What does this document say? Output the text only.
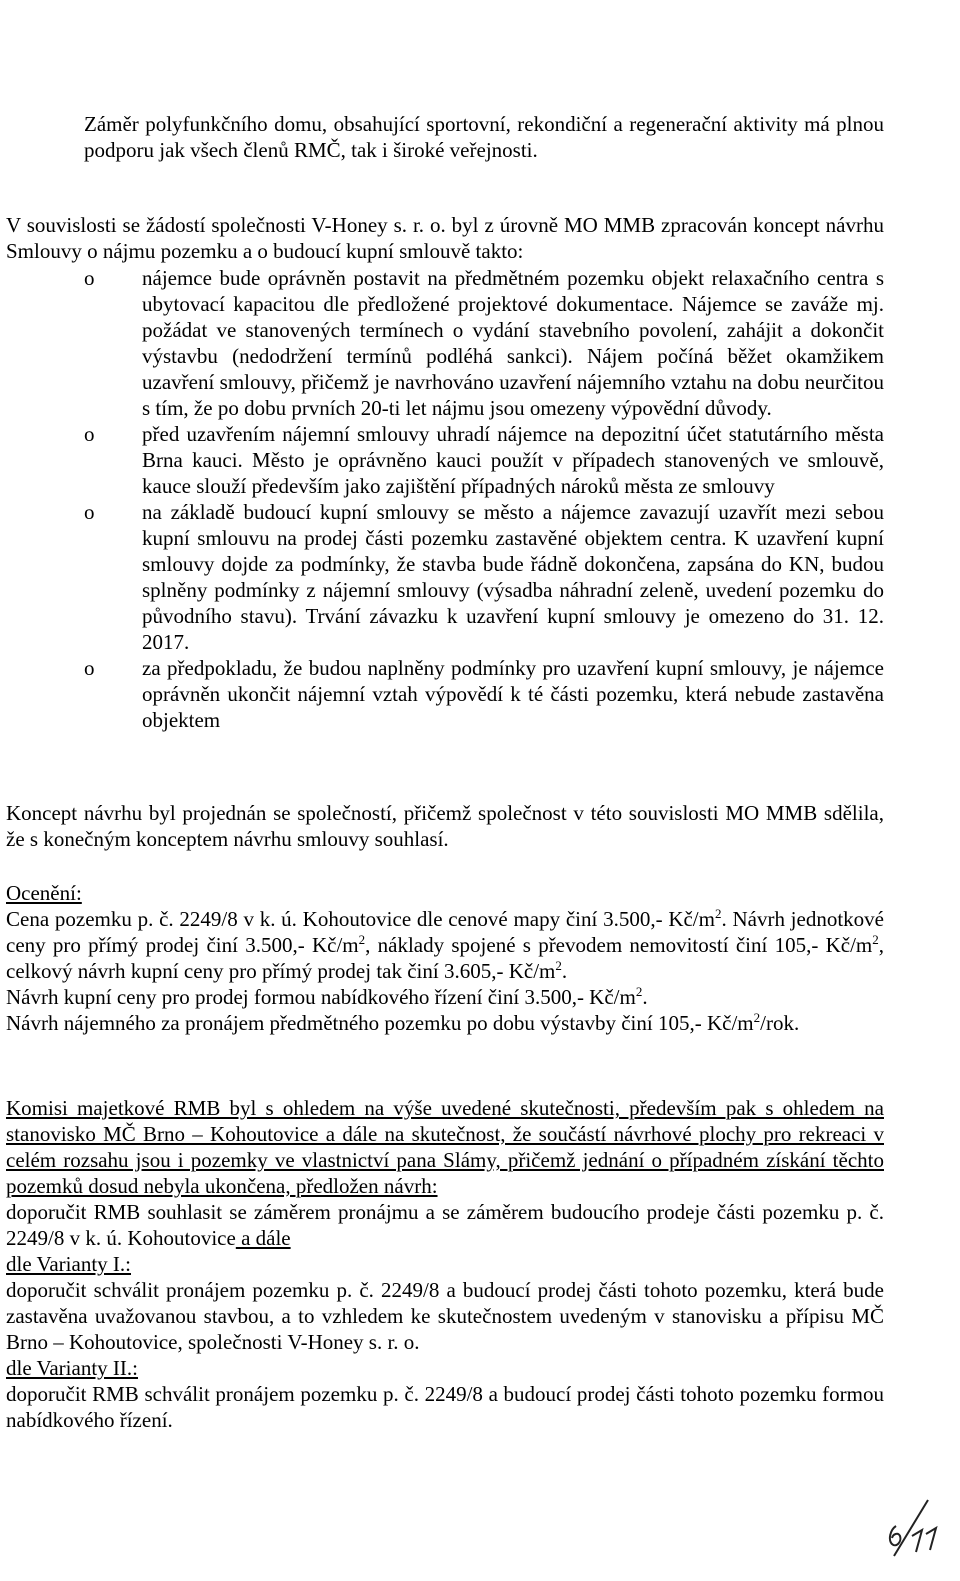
Záměr polyfunkčního domu, obsahující sportovní, rekondiční a regenerační aktivity má plnou podporu jak všech členů RMČ, tak i široké veřejnosti.

V souvislosti se žádostí společnosti V-Honey s. r. o. byl z úrovně MO MMB zpracován koncept návrhu Smlouvy o nájmu pozemku a o budoucí kupní smlouvě takto:

o nájemce bude oprávněn postavit na předmětném pozemku objekt relaxačního centra s ubytovací kapacitou dle předložené projektové dokumentace. Nájemce se zaváže mj. požádat ve stanovených termínech o vydání stavebního povolení, zahájit a dokončit výstavbu (nedodržení termínů podléhá sankci). Nájem počíná běžet okamžikem uzavření smlouvy, přičemž je navrhováno uzavření nájemního vztahu na dobu neurčitou s tím, že po dobu prvních 20-ti let nájmu jsou omezeny výpovědní důvody.
o před uzavřením nájemní smlouvy uhradí nájemce na depozitní účet statutárního města Brna kauci. Město je oprávněno kauci použít v případech stanovených ve smlouvě, kauce slouží především jako zajištění případných nároků města ze smlouvy
o na základě budoucí kupní smlouvy se město a nájemce zavazují uzavřít mezi sebou kupní smlouvu na prodej části pozemku zastavěné objektem centra. K uzavření kupní smlouvy dojde za podmínky, že stavba bude řádně dokončena, zapsána do KN, budou splněny podmínky z nájemní smlouvy (výsadba náhradní zeleně, uvedení pozemku do původního stavu). Trvání závazku k uzavření kupní smlouvy je omezeno do 31. 12. 2017.
o za předpokladu, že budou naplněny podmínky pro uzavření kupní smlouvy, je nájemce oprávněn ukončit nájemní vztah výpovědí k té části pozemku, která nebude zastavěna objektem

Koncept návrhu byl projednán se společností, přičemž společnost v této souvislosti MO MMB sdělila, že s konečným konceptem návrhu smlouvy souhlasí.

Ocenění:

Cena pozemku p. č. 2249/8 v k. ú. Kohoutovice dle cenové mapy činí 3.500,- $Kč/m^2$. Návrh jednotkové ceny pro přímý prodej činí 3.500,- $Kč/m^2$, náklady spojené s převodem nemovitostí činí 105,- $Kč/m^2$, celkový návrh kupní ceny pro přímý prodej tak činí 3.605,- $Kč/m^2$.

Návrh kupní ceny pro prodej formou nabídkového řízení činí 3.500,- $Kč/m^2$.

Návrh nájemného za pronájem předmětného pozemku po dobu výstavby činí 105,- $Kč/m^2$/rok.

Komisi majetkové RMB byl s ohledem na výše uvedené skutečnosti, především pak s ohledem na stanovisko MČ Brno – Kohoutovice a dále na skutečnost, že součástí návrhové plochy pro rekreaci v celém rozsahu jsou i pozemky ve vlastnictví pana Slámy, přičemž jednání o případném získání těchto pozemků dosud nebyla ukončena, předložen návrh:

doporučit RMB souhlasit se záměrem pronájmu a se záměrem budoucího prodeje části pozemku p. č. 2249/8 v k. ú. Kohoutovice a dále

dle Varianty I.:

doporučit schválit pronájem pozemku p. č. 2249/8 a budoucí prodej části tohoto pozemku, která bude zastavěna uvažovanou stavbou, a to vzhledem ke skutečnostem uvedeným v stanovisku a přípisu MČ Brno – Kohoutovice, společnosti V-Honey s. r. o.

dle Varianty II.:

doporučit RMB schválit pronájem pozemku p. č. 2249/8 a budoucí prodej části tohoto pozemku formou nabídkového řízení.

6/11
